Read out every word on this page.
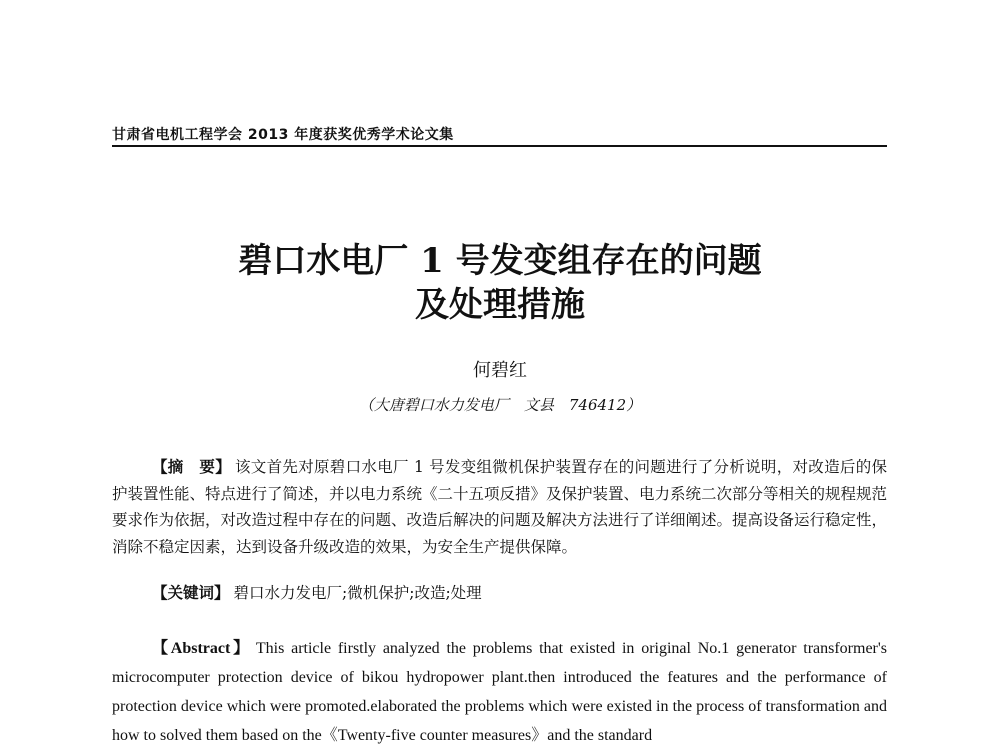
甘肃省电机工程学会 2013 年度获奖优秀学术论文集
碧口水电厂 1 号发变组存在的问题
及处理措施
何碧红
（大唐碧口水力发电厂　文县　746412）

【摘　要】 该文首先对原碧口水电厂 1 号发变组微机保护装置存在的问题进行了分析说明，对改造后的保护装置性能、特点进行了简述，并以电力系统《二十五项反措》及保护装置、电力系统二次部分等相关的规程规范要求作为依据，对改造过程中存在的问题、改造后解决的问题及解决方法进行了详细阐述。提高设备运行稳定性，消除不稳定因素，达到设备升级改造的效果，为安全生产提供保障。

【关键词】 碧口水力发电厂;微机保护;改造;处理

【Abstract】 This article firstly analyzed the problems that existed in original No.1 generator transformer's microcomputer protection device of bikou hydropower plant.then introduced the features and the performance of protection device which were promoted.elaborated the problems which were existed in the process of transformation and how to solved them based on the《Twenty-five counter measures》and the standard
